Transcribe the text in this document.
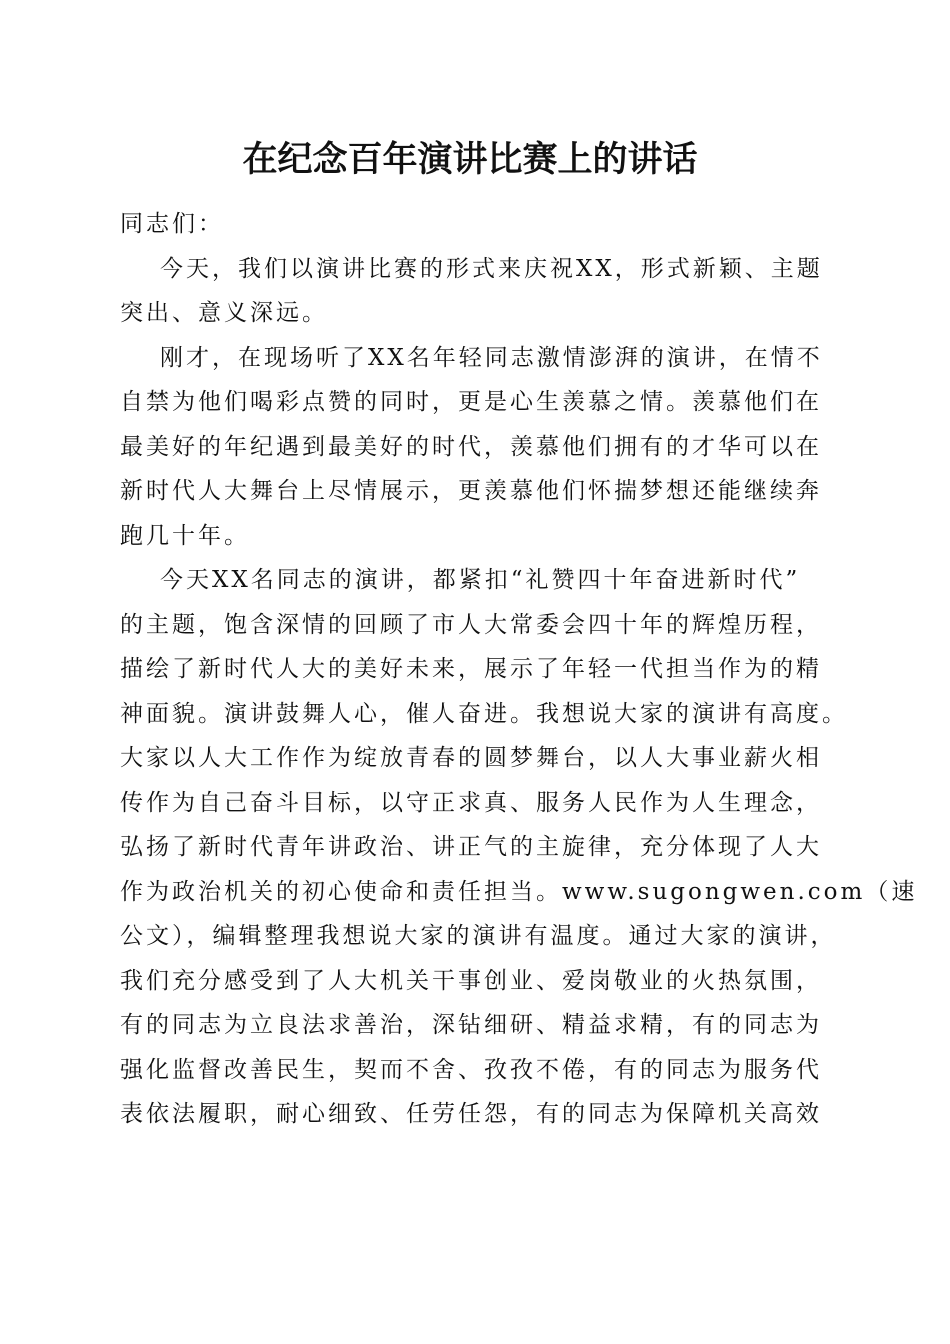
在纪念百年演讲比赛上的讲话

同志们：

今天，我们以演讲比赛的形式来庆祝XX，形式新颖、主题

突出、意义深远。

刚才，在现场听了XX名年轻同志激情澎湃的演讲，在情不

自禁为他们喝彩点赞的同时，更是心生羡慕之情。羡慕他们在

最美好的年纪遇到最美好的时代，羡慕他们拥有的才华可以在

新时代人大舞台上尽情展示，更羡慕他们怀揣梦想还能继续奔

跑几十年。

今天XX名同志的演讲，都紧扣“礼赞四十年奋进新时代”

的主题，饱含深情的回顾了市人大常委会四十年的辉煌历程，

描绘了新时代人大的美好未来，展示了年轻一代担当作为的精

神面貌。演讲鼓舞人心，催人奋进。我想说大家的演讲有高度。

大家以人大工作作为绽放青春的圆梦舞台，以人大事业薪火相

传作为自己奋斗目标，以守正求真、服务人民作为人生理念，

弘扬了新时代青年讲政治、讲正气的主旋律，充分体现了人大

作为政治机关的初心使命和责任担当。www.sugongwen.com（速

公文），编辑整理我想说大家的演讲有温度。通过大家的演讲，

我们充分感受到了人大机关干事创业、爱岗敬业的火热氛围，

有的同志为立良法求善治，深钻细研、精益求精，有的同志为

强化监督改善民生，契而不舍、孜孜不倦，有的同志为服务代

表依法履职，耐心细致、任劳任怨，有的同志为保障机关高效
